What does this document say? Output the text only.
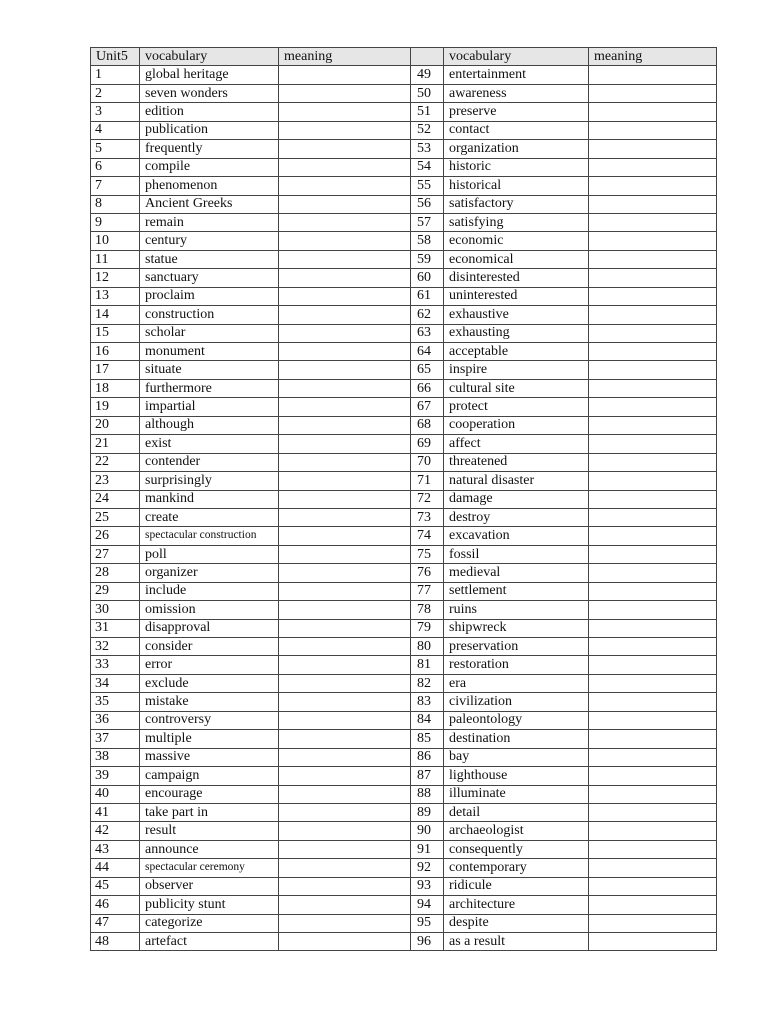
Unit5	vocabulary	meaning		vocabulary	meaning
1	global heritage		49	entertainment	
2	seven wonders		50	awareness	
3	edition		51	preserve	
4	publication		52	contact	
5	frequently		53	organization	
6	compile		54	historic	
7	phenomenon		55	historical	
8	Ancient Greeks		56	satisfactory	
9	remain		57	satisfying	
10	century		58	economic	
11	statue		59	economical	
12	sanctuary		60	disinterested	
13	proclaim		61	uninterested	
14	construction		62	exhaustive	
15	scholar		63	exhausting	
16	monument		64	acceptable	
17	situate		65	inspire	
18	furthermore		66	cultural site	
19	impartial		67	protect	
20	although		68	cooperation	
21	exist		69	affect	
22	contender		70	threatened	
23	surprisingly		71	natural disaster	
24	mankind		72	damage	
25	create		73	destroy	
26	spectacular construction		74	excavation	
27	poll		75	fossil	
28	organizer		76	medieval	
29	include		77	settlement	
30	omission		78	ruins	
31	disapproval		79	shipwreck	
32	consider		80	preservation	
33	error		81	restoration	
34	exclude		82	era	
35	mistake		83	civilization	
36	controversy		84	paleontology	
37	multiple		85	destination	
38	massive		86	bay	
39	campaign		87	lighthouse	
40	encourage		88	illuminate	
41	take part in		89	detail	
42	result		90	archaeologist	
43	announce		91	consequently	
44	spectacular ceremony		92	contemporary	
45	observer		93	ridicule	
46	publicity stunt		94	architecture	
47	categorize		95	despite	
48	artefact		96	as a result	
